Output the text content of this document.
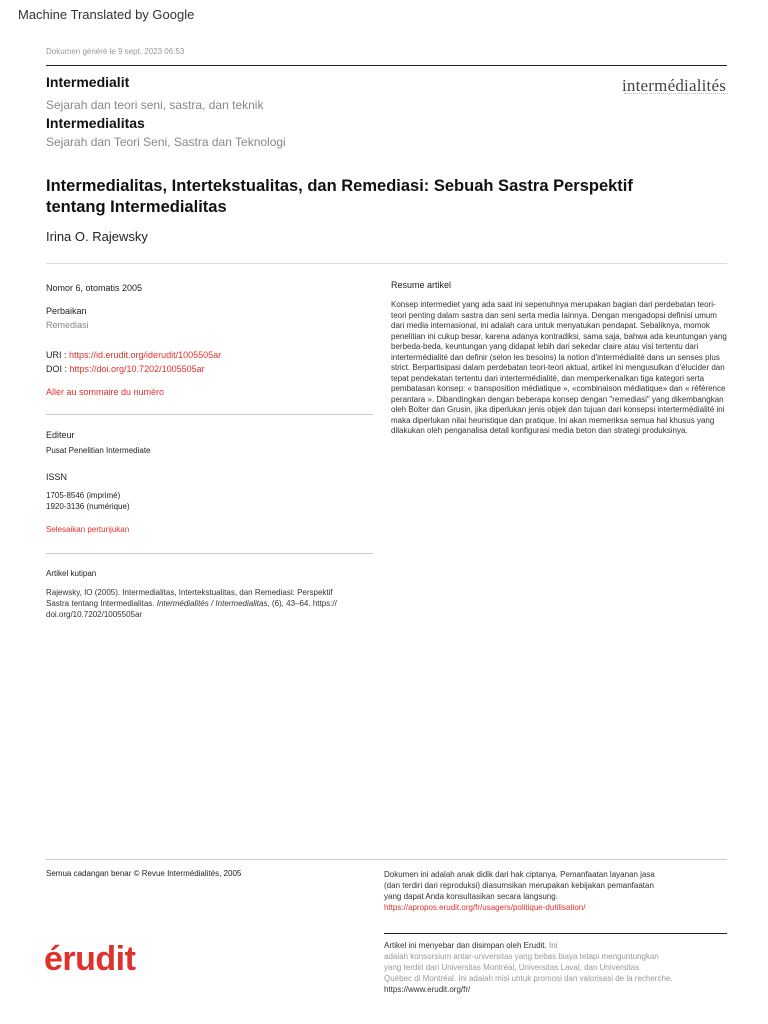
Machine Translated by Google
Dokumen généré le 9 sept. 2023 06:53
Intermedialit
Sejarah dan teori seni, sastra, dan teknik
Intermedialitas
Sejarah dan Teori Seni, Sastra dan Teknologi
intermédialités
Intermedialitas, Intertekstualitas, dan Remediasi: Sebuah Sastra Perspektif tentang Intermedialitas
Irina O. Rajewsky
Nomor 6, otomatis 2005
Perbaikan
Remediasi
URI : https://id.erudit.org/iderudit/1005505ar
DOI : https://doi.org/10.7202/1005505ar
Aller au sommaire du numéro
Editeur
Pusat Penelitian Intermediate
ISSN
1705-8546 (imprimé)
1920-3136 (numérique)
Selesaikan pertunjukan
Artikel kutipan
Rajewsky, IO (2005). Intermedialitas, Intertekstualitas, dan Remediasi: Perspektif
Sastra tentang Intermedialitas. Intermédialités / Intermedialitas, (6), 43–64. https://
doi.org/10.7202/1005505ar
Resume artikel
Konsep intermediet yang ada saat ini sepenuhnya merupakan bagian dari perdebatan teori-teori penting dalam sastra dan seni serta media lainnya. Dengan mengadopsi definisi umum dari media internasional, ini adalah cara untuk menyatukan pendapat. Sebaliknya, momok penelitian ini cukup besar, karena adanya kontradiksi, sama saja, bahwa ada keuntungan yang berbeda-beda, keuntungan yang didapat lebih dari sekedar claire atau visi tertentu dari intertermédialité dan definir (selon les besoins) la notion d'intermédialité dans un senses plus strict. Berpartisipasi dalam perdebatan teori-teori aktual, artikel ini mengusulkan d'élucider dan tepat pendekatan tertentu dari intertermédialité, dan memperkenalkan tiga kategori serta pembatasan konsep: « transposition médiatique », «combinaison médiatique» dan « référence perantara ». Dibandingkan dengan beberapa konsep dengan "remediasi" yang dikembangkan oleh Bolter dan Grusin, jika diperlukan jenis objek dan tujuan dari konsepsi intertermédialité ini maka diperlukan nilai heuristique dan pratique. Ini akan memeriksa semua hal khusus yang dilakukan oleh penganalisa detail konfigurasi media beton dan strategi produksinya.
Semua cadangan benar © Revue Intermédialités, 2005	Dokumen ini adalah anak didik dari hak ciptanya. Pemanfaatan layanan jasa
(dan terdiri dari reproduksi) diasumsikan merupakan kebijakan pemanfaatan
yang dapat Anda konsultasikan secara langsung.
https://apropos.erudit.org/fr/usagers/politique-dutilisation/
érudit	Artikel ini menyebar dan disimpan oleh Erudit. Ini
adalah konsorsium antar-universitas yang bebas biaya tetapi menguntungkan
yang terdiri dari Universitas Montréal, Universitas Laval, dan Universitas
Québec di Montréal. Ini adalah misi untuk promosi dan valorisasi de la recherche.
https://www.erudit.org/fr/
